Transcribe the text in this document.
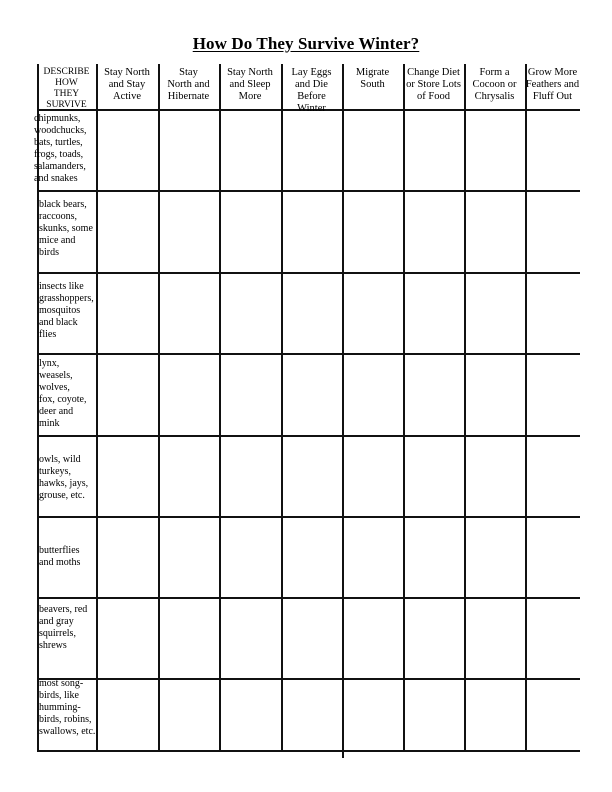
How Do They Survive Winter?
DESCRIBE
HOW
THEY
SURVIVE
Stay North
and Stay
Active
Stay
North and
Hibernate
Stay North
and Sleep
More
Lay Eggs
and Die
Before
Winter
Migrate
South
Change Diet
or Store Lots
of Food
Form a
Cocoon or
Chrysalis
Grow More
Feathers and
Fluff Out
chipmunks,
woodchucks,
bats, turtles,
frogs, toads,
salamanders,
and snakes
black bears,
raccoons,
skunks, some
mice and
birds
insects like
grasshoppers,
mosquitos
and black
flies
lynx,
weasels,
wolves,
fox, coyote,
deer and
mink
owls, wild
turkeys,
hawks, jays,
grouse, etc.
butterflies
and moths
beavers, red
and gray
squirrels,
shrews
most song-
birds, like
humming-
birds, robins,
swallows, etc.
